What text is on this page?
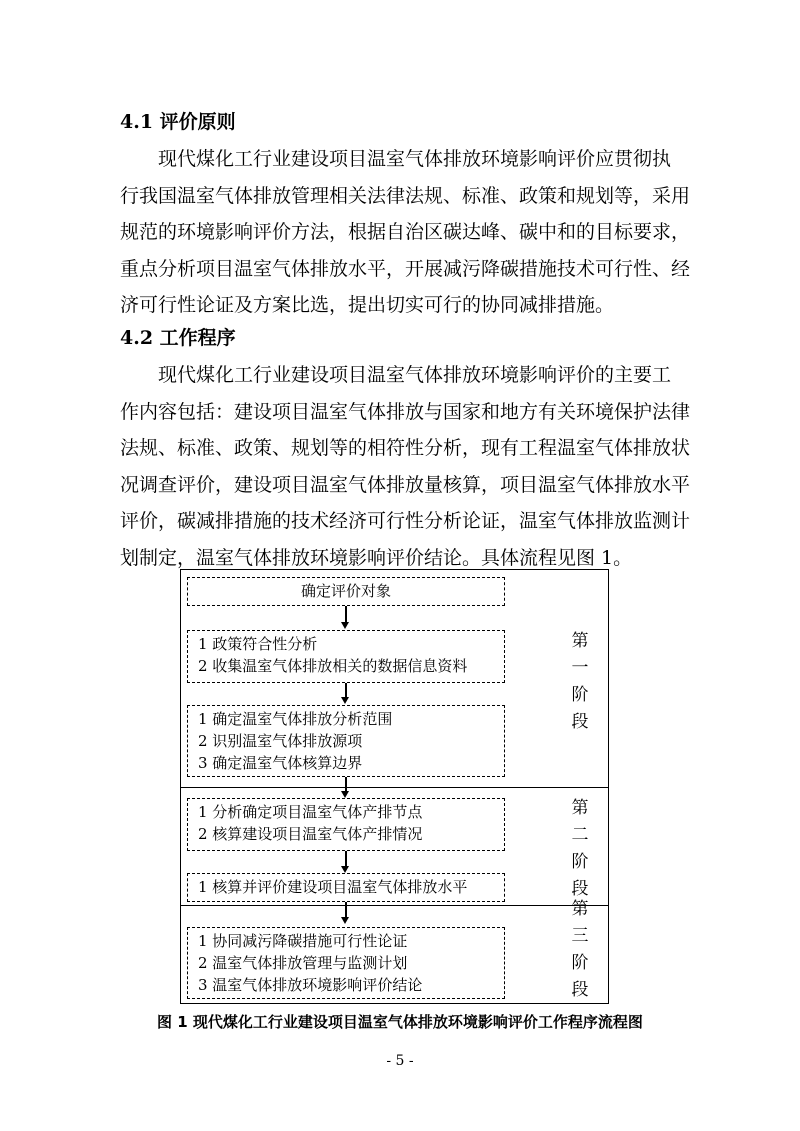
4.1 评价原则
现代煤化工行业建设项目温室气体排放环境影响评价应贯彻执
行我国温室气体排放管理相关法律法规、标准、政策和规划等，采用
规范的环境影响评价方法，根据自治区碳达峰、碳中和的目标要求，
重点分析项目温室气体排放水平，开展减污降碳措施技术可行性、经
济可行性论证及方案比选，提出切实可行的协同减排措施。
4.2 工作程序
现代煤化工行业建设项目温室气体排放环境影响评价的主要工
作内容包括：建设项目温室气体排放与国家和地方有关环境保护法律
法规、标准、政策、规划等的相符性分析，现有工程温室气体排放状
况调查评价，建设项目温室气体排放量核算，项目温室气体排放水平
评价，碳减排措施的技术经济可行性分析论证，温室气体排放监测计
划制定，温室气体排放环境影响评价结论。具体流程见图 1。
确定评价对象
1 政策符合性分析
2 收集温室气体排放相关的数据信息资料
1 确定温室气体排放分析范围
2 识别温室气体排放源项
3 确定温室气体核算边界
1 分析确定项目温室气体产排节点
2 核算建设项目温室气体产排情况
1 核算并评价建设项目温室气体排放水平
1 协同减污降碳措施可行性论证
2 温室气体排放管理与监测计划
3 温室气体排放环境影响评价结论
第
一
阶
段
第
二
阶
段
第
三
阶
段
图 1 现代煤化工行业建设项目温室气体排放环境影响评价工作程序流程图
- 5 -
